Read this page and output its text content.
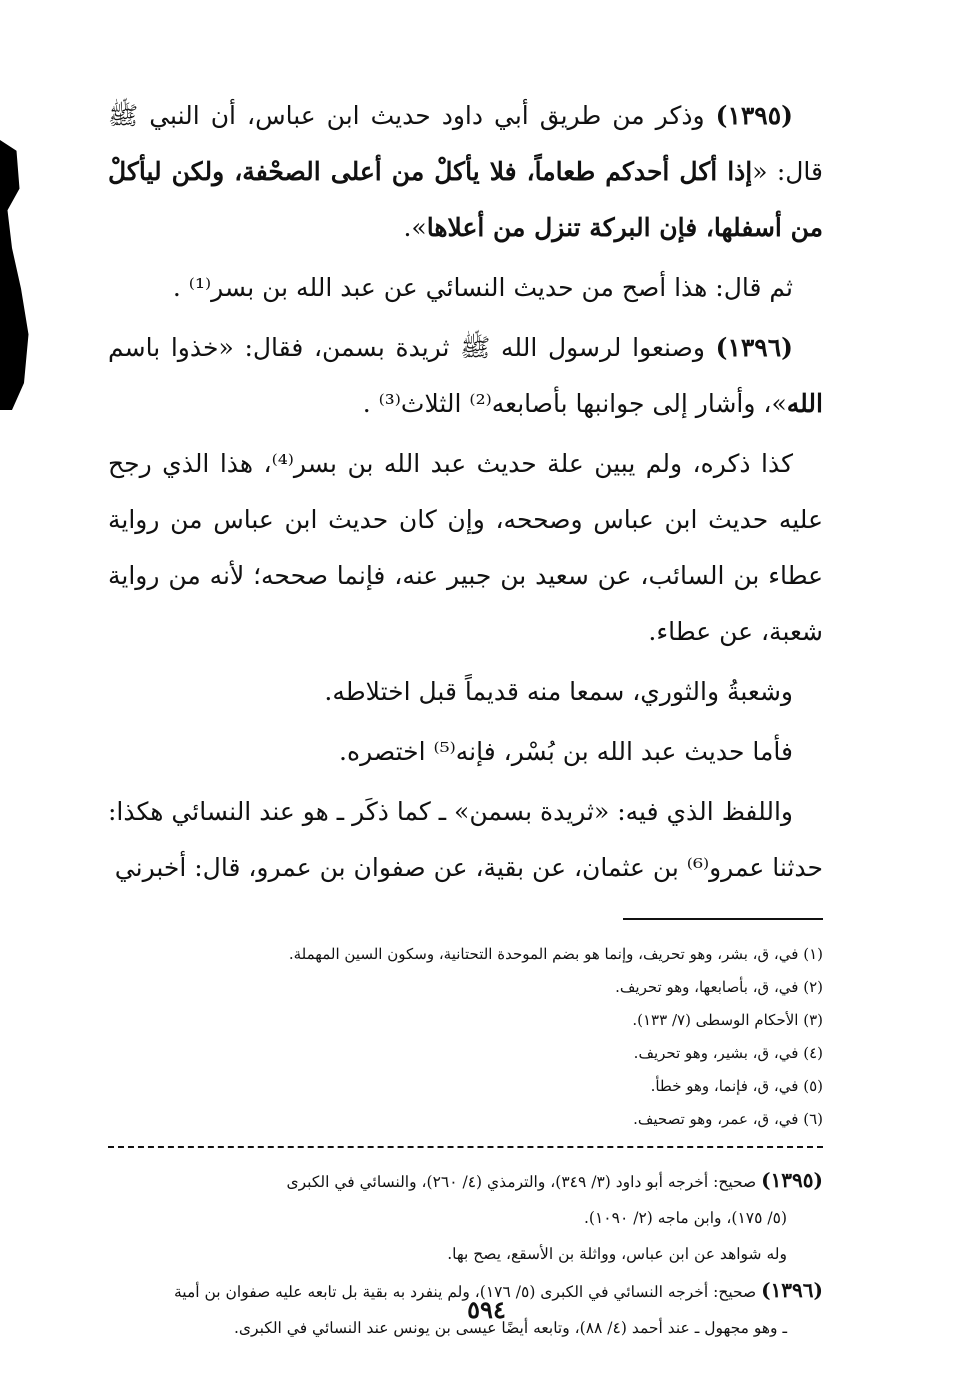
(١٣٩٥) وذكر من طريق أبي داود حديث ابن عباس، أن النبي ﷺ قال: «إذا أكل أحدكم طعاماً، فلا يأكلْ من أعلى الصحْفة، ولكن ليأكلْ من أسفلها، فإن البركة تنزل من أعلاها».

ثم قال: هذا أصح من حديث النسائي عن عبد الله بن بسر⁽¹⁾ .

(١٣٩٦) وصنعوا لرسول الله ﷺ ثريدة بسمن، فقال: «خذوا باسم الله»، وأشار إلى جوانبها بأصابعه⁽²⁾ الثلاث⁽³⁾ .

كذا ذكره، ولم يبين علة حديث عبد الله بن بسر⁽⁴⁾، هذا الذي رجح عليه حديث ابن عباس وصححه، وإن كان حديث ابن عباس من رواية عطاء بن السائب، عن سعيد بن جبير عنه، فإنما صححه؛ لأنه من رواية شعبة، عن عطاء.

وشعبةُ والثوري، سمعا منه قديماً قبل اختلاطه.

فأما حديث عبد الله بن بُسْر، فإنه⁽⁵⁾ اختصره.

واللفظ الذي فيه: «ثريدة بسمن» ـ كما ذكَر ـ هو عند النسائي هكذا: حدثنا عمرو⁽⁶⁾ بن عثمان، عن بقية، عن صفوان بن عمرو، قال: أخبرني

(١) في، ق، بشر، وهو تحريف، وإنما هو بضم الموحدة التحتانية، وسكون السين المهملة.
(٢) في، ق، بأصابعها، وهو تحريف.
(٣) الأحكام الوسطى (٧/ ١٣٣).
(٤) في، ق، بشير، وهو تحريف.
(٥) في، ق، فإنما، وهو خطأ.
(٦) في، ق، عمر، وهو تصحيف.
(١٣٩٥) صحيح: أخرجه أبو داود (٣/ ٣٤٩)، والترمذي (٤/ ٢٦٠)، والنسائي في الكبرى
(٥/ ١٧٥)، وابن ماجه (٢/ ١٠٩٠).
وله شواهد عن ابن عباس، وواثلة بن الأسقع، يصح بها.
(١٣٩٦) صحيح: أخرجه النسائي في الكبرى (٥/ ١٧٦)، ولم ينفرد به بقية بل تابعه عليه صفوان بن أمية
ـ وهو مجهول ـ عند أحمد (٤/ ٨٨)، وتابعه أيضًا عيسى بن يونس عند النسائي في الكبرى.
٥٩٤
